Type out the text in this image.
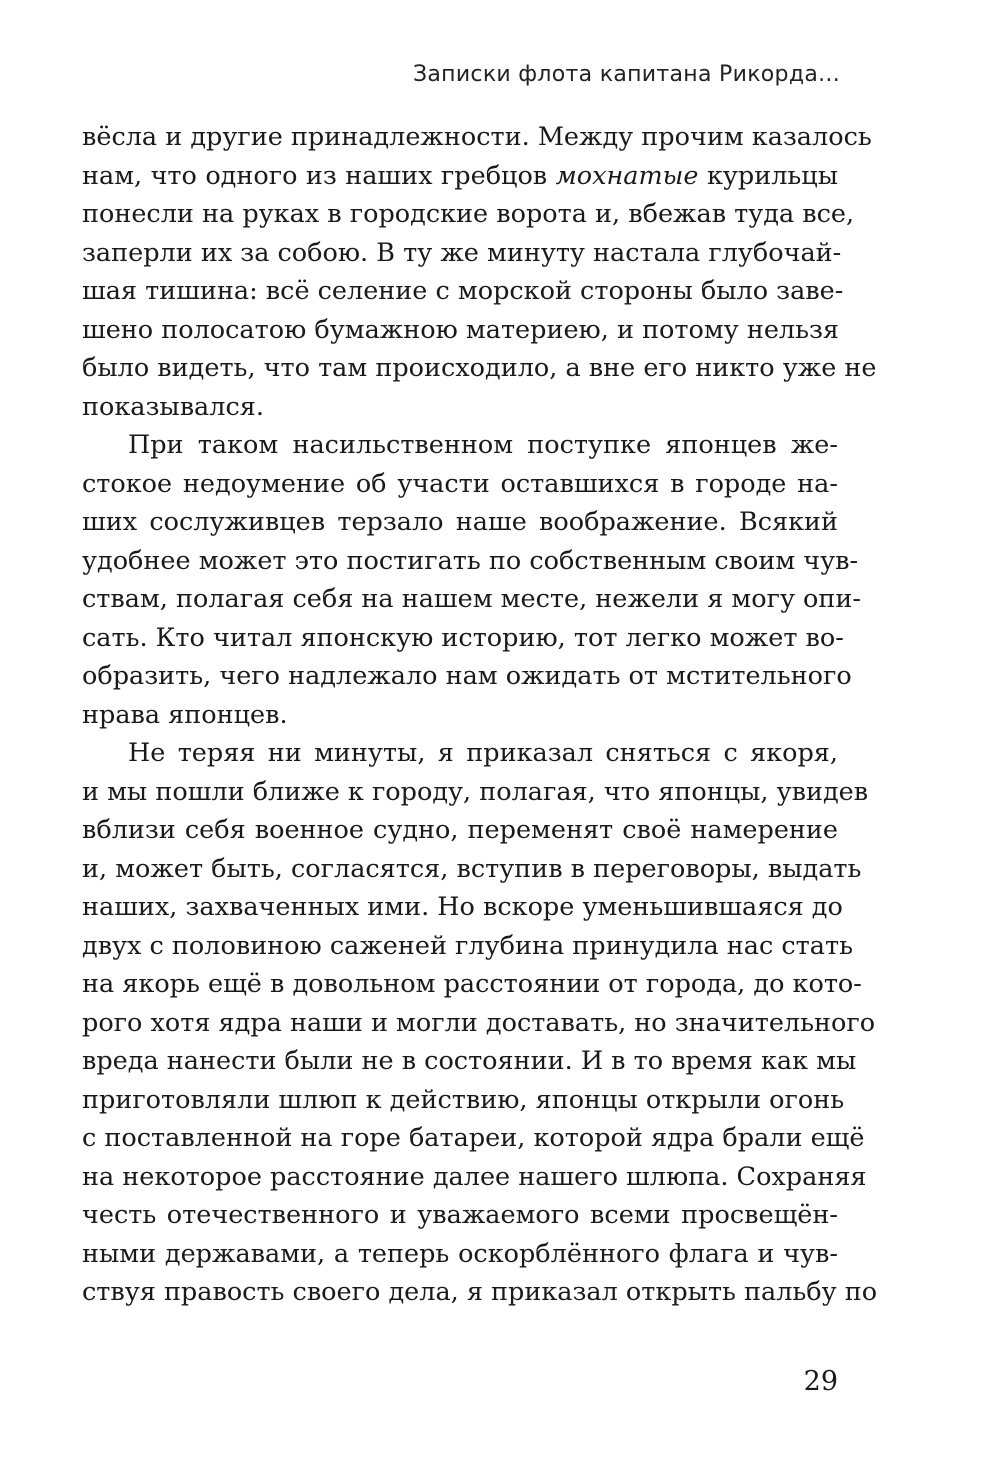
Записки флота капитана Рикорда...

вёсла и другие принадлежности. Между прочим казалось
нам, что одного из наших гребцов мохнатые курильцы
понесли на руках в городские ворота и, вбежав туда все,
заперли их за собою. В ту же минуту настала глубочай-
шая тишина: всё селение с морской стороны было заве-
шено полосатою бумажною материею, и потому нельзя
было видеть, что там происходило, а вне его никто уже не
показывался.

При таком насильственном поступке японцев же-
стокое недоумение об участи оставшихся в городе на-
ших сослуживцев терзало наше воображение. Всякий
удобнее может это постигать по собственным своим чув-
ствам, полагая себя на нашем месте, нежели я могу опи-
сать. Кто читал японскую историю, тот легко может во-
образить, чего надлежало нам ожидать от мстительного
нрава японцев.

Не теряя ни минуты, я приказал сняться с якоря,
и мы пошли ближе к городу, полагая, что японцы, увидев
вблизи себя военное судно, переменят своё намерение
и, может быть, согласятся, вступив в переговоры, выдать
наших, захваченных ими. Но вскоре уменьшившаяся до
двух с половиною саженей глубина принудила нас стать
на якорь ещё в довольном расстоянии от города, до кото-
рого хотя ядра наши и могли доставать, но значительного
вреда нанести были не в состоянии. И в то время как мы
приготовляли шлюп к действию, японцы открыли огонь
с поставленной на горе батареи, которой ядра брали ещё
на некоторое расстояние далее нашего шлюпа. Сохраняя
честь отечественного и уважаемого всеми просвещён-
ными державами, а теперь оскорблённого флага и чув-
ствуя правость своего дела, я приказал открыть пальбу по

29
